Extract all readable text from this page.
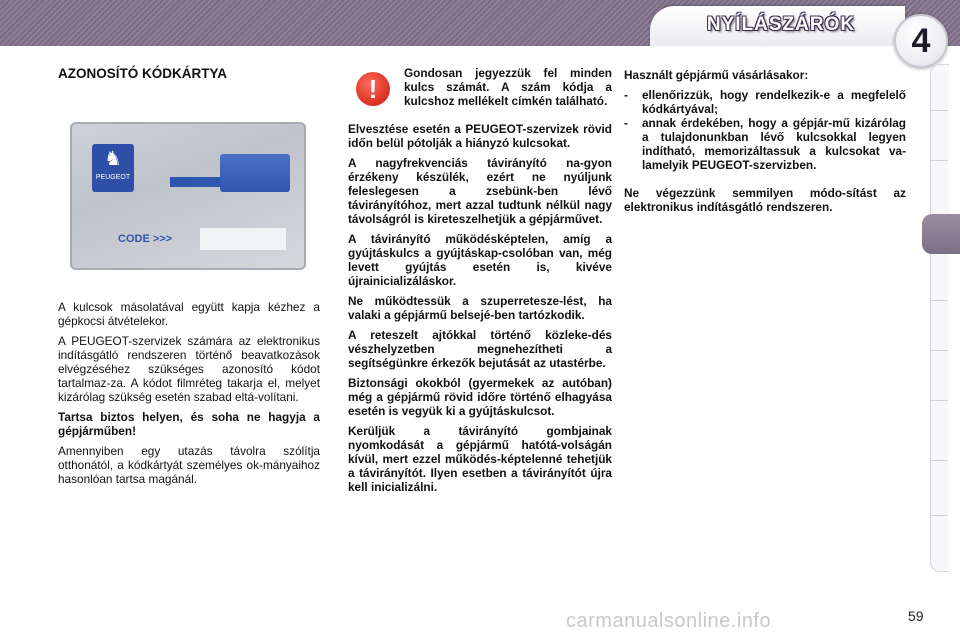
NYÍLÁSZÁRÓK	4
AZONOSÍTÓ KÓDKÁRTYA
♞
PEUGEOT
CODE >>>

A kulcsok másolatával együtt kapja kézhez a gépkocsi átvételekor.

A PEUGEOT-szervizek számára az elektronikus indításgátló rendszeren történő beavatkozások elvégzéséhez szükséges azonosító kódot tartalmaz-za. A kódot filmréteg takarja el, melyet kizárólag szükség esetén szabad eltá-volítani.

Tartsa biztos helyen, és soha ne hagyja a gépjárműben!

Amennyiben egy utazás távolra szólítja otthonától, a kódkártyát személyes ok-mányaihoz hasonlóan tartsa magánál.

!
Gondosan jegyezzük fel minden kulcs számát. A szám kódja a kulcshoz mellékelt címkén található.

Elvesztése esetén a PEUGEOT-szervizek rövid időn belül pótolják a hiányzó kulcsokat.

A nagyfrekvenciás távirányító na-gyon érzékeny készülék, ezért ne nyúljunk feleslegesen a zsebünk-ben lévő távirányítóhoz, mert azzal tudtunk nélkül nagy távolságról is kireteszelhetjük a gépjárművet.

A távirányító működésképtelen, amíg a gyújtáskulcs a gyújtáskap-csolóban van, még levett gyújtás esetén is, kivéve újrainicializáláskor.

Ne működtessük a szuperretesze-lést, ha valaki a gépjármű belsejé-ben tartózkodik.

A reteszelt ajtókkal történő közleke-dés vészhelyzetben megnehezítheti a segítségünkre érkezők bejutását az utastérbe.

Biztonsági okokból (gyermekek az autóban) még a gépjármű rövid időre történő elhagyása esetén is vegyük ki a gyújtáskulcsot.

Kerüljük a távirányító gombjainak nyomkodását a gépjármű hatótá-volságán kívül, mert ezzel működés-képtelenné tehetjük a távirányítót. Ilyen esetben a távirányítót újra kell inicializálni.

Használt gépjármű vásárlásakor:

- ellenőrizzük, hogy rendelkezik-e a megfelelő kódkártyával;
- annak érdekében, hogy a gépjár-mű kizárólag a tulajdonunkban lévő kulcsokkal legyen indítható, memorizáltassuk a kulcsokat va-lamelyik PEUGEOT-szervizben.

Ne végezzünk semmilyen módo-sítást az elektronikus indításgátló rendszeren.

carmanualsonline.info	59
